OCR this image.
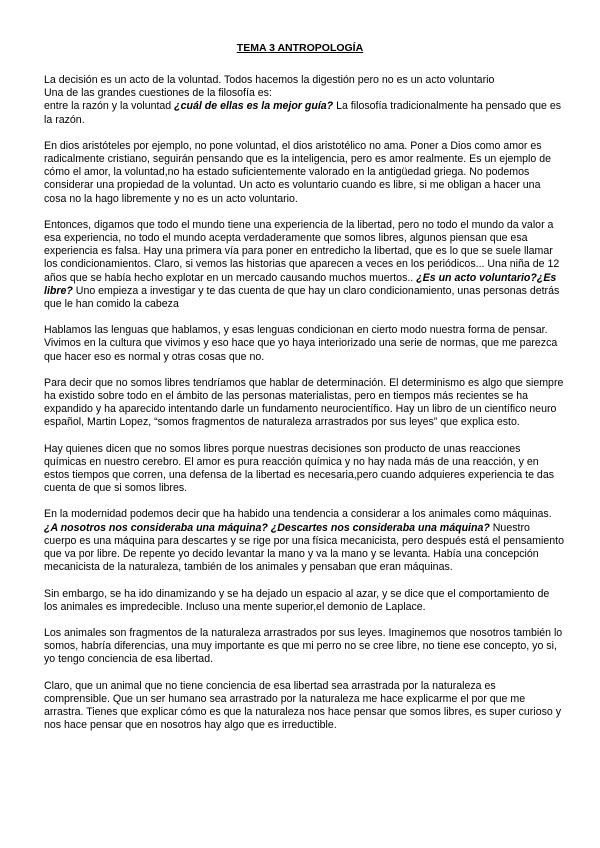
TEMA 3 ANTROPOLOGÍA

La decisión es un acto de la voluntad. Todos hacemos la digestión pero no es un acto voluntario
Una de las grandes cuestiones de la filosofía es:
entre la razón y la voluntad ¿cuál de ellas es la mejor guía? La filosofía tradicionalmente ha pensado que es la razón.

En dios aristóteles por ejemplo, no pone voluntad, el dios aristotélico no ama. Poner a Dios como amor es radicalmente cristiano, seguirán pensando que es la inteligencia, pero es amor realmente. Es un ejemplo de cómo el amor, la voluntad,no ha estado suficientemente valorado en la antigüedad griega. No podemos considerar una propiedad de la voluntad. Un acto es voluntario cuando es libre, si me obligan a hacer una cosa no la hago libremente y no es un acto voluntario.

Entonces, digamos que todo el mundo tiene una experiencia de la libertad, pero no todo el mundo da valor a esa experiencia, no todo el mundo acepta verdaderamente que somos libres, algunos piensan que esa experiencia es falsa. Hay una primera vía para poner en entredicho la libertad, que es lo que se suele llamar los condicionamientos. Claro, si vemos las historias que aparecen a veces en los periódicos... Una niña de 12 años que se había hecho explotar en un mercado causando muchos muertos.. ¿Es un acto voluntario?¿Es libre? Uno empieza a investigar y te das cuenta de que hay un claro condicionamiento, unas personas detrás que le han comido la cabeza

Hablamos las lenguas que hablamos, y esas lenguas condicionan en cierto modo nuestra forma de pensar. Vivimos en la cultura que vivimos y eso hace que yo haya interiorizado una serie de normas, que me parezca que hacer eso es normal y otras cosas que no.

Para decir que no somos libres tendríamos que hablar de determinación. El determinismo es algo que siempre ha existido sobre todo en el ámbito de las personas materialistas, pero en tiempos más recientes se ha expandido y ha aparecido intentando darle un fundamento neurocientífico. Hay un libro de un científico neuro español, Martin Lopez, “somos fragmentos de naturaleza arrastrados por sus leyes” que explica esto.

Hay quienes dicen que no somos libres porque nuestras decisiones son producto de unas reacciones químicas en nuestro cerebro. El amor es pura reacción química y no hay nada más de una reacción, y en estos tiempos que corren, una defensa de la libertad es necesaria,pero cuando adquieres experiencia te das cuenta de que si somos libres.

En la modernidad podemos decir que ha habido una tendencia a considerar a los animales como máquinas. ¿A nosotros nos consideraba una máquina? ¿Descartes nos consideraba una máquina? Nuestro cuerpo es una máquina para descartes y se rige por una física mecanicista, pero después está el pensamiento que va por libre. De repente yo decido levantar la mano y va la mano y se levanta. Había una concepción mecanicista de la naturaleza, también de los animales y pensaban que eran máquinas.

Sin embargo, se ha ido dinamizando y se ha dejado un espacio al azar, y se dice que el comportamiento de los animales es impredecible. Incluso una mente superior,el demonio de Laplace.

Los animales son fragmentos de la naturaleza arrastrados por sus leyes. Imaginemos que nosotros también lo somos, habría diferencias, una muy importante es que mi perro no se cree libre, no tiene ese concepto, yo si, yo tengo conciencia de esa libertad.

Claro, que un animal que no tiene conciencia de esa libertad sea arrastrada por la naturaleza es comprensible. Que un ser humano sea arrastrado por la naturaleza me hace explicarme el por que me arrastra. Tienes que explicar cómo es que la naturaleza nos hace pensar que somos libres, es super curioso y nos hace pensar que en nosotros hay algo que es irreductible.
